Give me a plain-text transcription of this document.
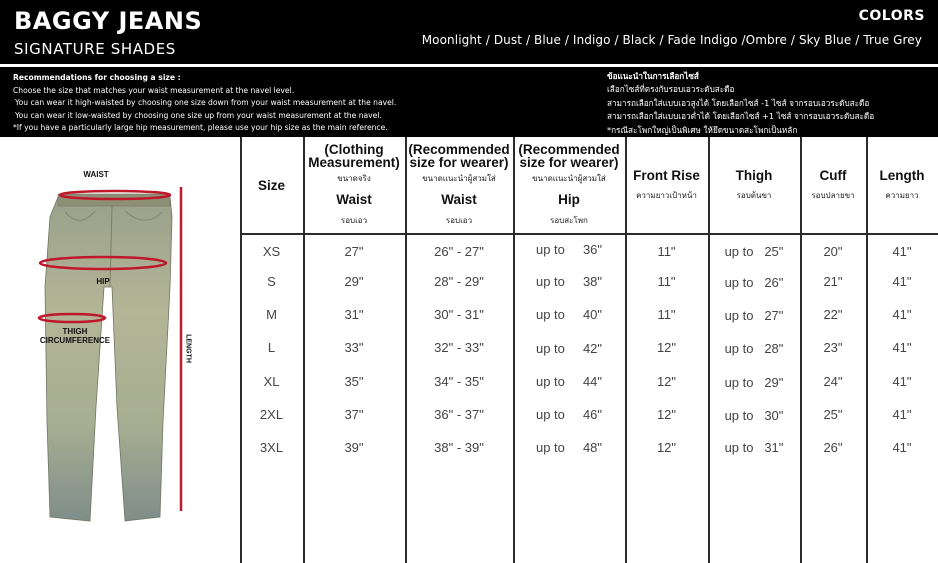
BAGGY JEANS
SIGNATURE SHADES
COLORS
Moonlight / Dust / Blue / Indigo / Black / Fade Indigo /Ombre / Sky Blue / True Grey
Recommendations for choosing a size :
Choose the size that matches your waist measurement at the navel level.
You can wear it high-waisted by choosing one size down from your waist measurement at the navel.
You can wear it low-waisted by choosing one size up from your waist measurement at the navel.
*If you have a particularly large hip measurement, please use your hip size as the main reference.
ข้อแนะนำในการเลือกไซส์
เลือกไซส์ที่ตรงกับรอบเอวระดับสะดือ
สามารถเลือกใส่แบบเอวสูงได้ โดยเลือกไซส์ -1 ไซส์ จากรอบเอวระดับสะดือ
สามารถเลือกใส่แบบเอวต่ำได้ โดยเลือกไซส์ +1 ไซส์ จากรอบเอวระดับสะดือ
*กรณีสะโพกใหญ่เป็นพิเศษ ให้ยึดขนาดสะโพกเป็นหลัก
WAIST
HIP
THIGH
CIRCUMFERENCE	LENGTH
Size
(Clothing
Measurement)
ขนาดจริง
Waist
รอบเอว
(Recommended
size for wearer)
ขนาดแนะนำผู้สวมใส่
Waist
รอบเอว
(Recommended
size for wearer)
ขนาดแนะนำผู้สวมใส่
Hip
รอบสะโพก
Front Rise
ความยาวเป้าหน้า
Thigh
รอบต้นขา
Cuff
รอบปลายขา
Length
ความยาว
XS	27"	26" - 27"	up to     36"	11"	up to   25"	20"	41"
S	29"	28" - 29"	up to     38"	11"	up to   26"	21"	41"
M	31"	30" - 31"	up to     40"	11"	up to   27"	22"	41"
L	33"	32" - 33"	up to     42"	12"	up to   28"	23"	41"
XL	35"	34" - 35"	up to     44"	12"	up to   29"	24"	41"
2XL	37"	36" - 37"	up to     46"	12"	up to   30"	25"	41"
3XL	39"	38" - 39"	up to     48"	12"	up to   31"	26"	41"
